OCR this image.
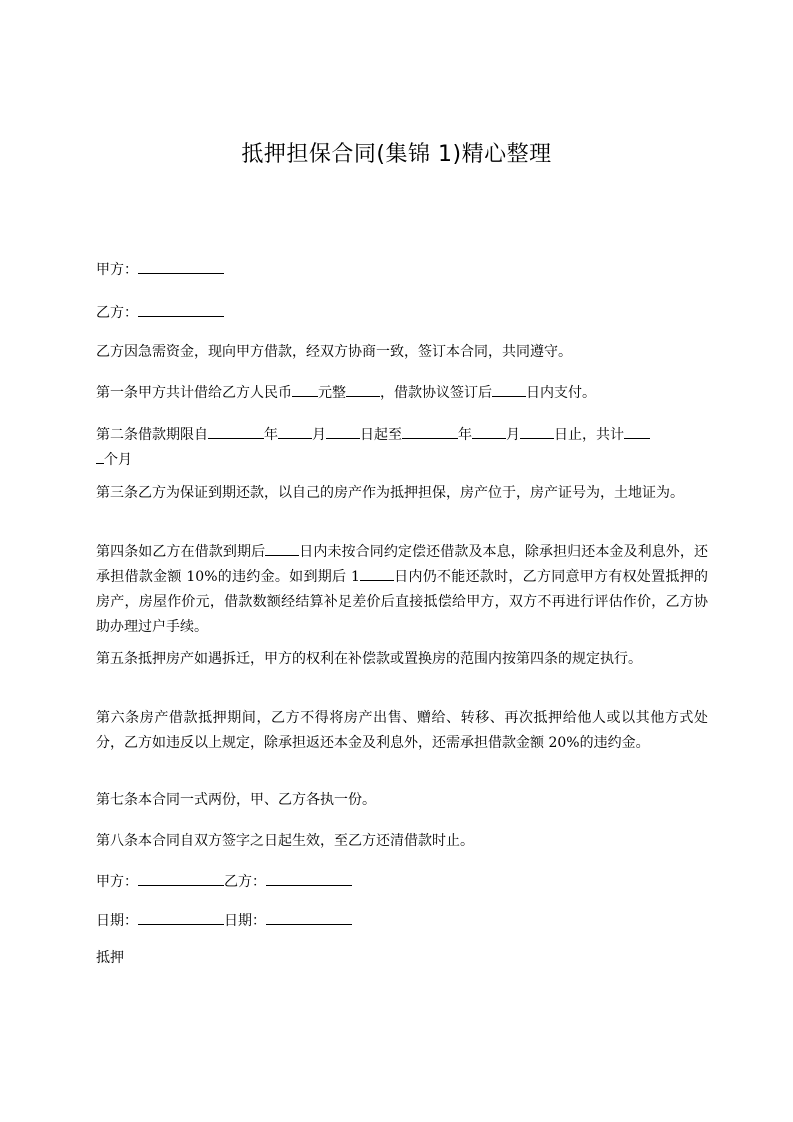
抵押担保合同(集锦 1)精心整理
甲方：
乙方：
乙方因急需资金，现向甲方借款，经双方协商一致，签订本合同，共同遵守。
第一条甲方共计借给乙方人民币 元整 ，借款协议签订后 日内支付。
第二条借款期限自	年 月 日起至	年 月 日止，共计
个月
第三条乙方为保证到期还款，以自己的房产作为抵押担保，房产位于，房产证号为，土地证为。
第四条如乙方在借款到期后 日内未按合同约定偿还借款及本息，除承担归还本金及利息外，还承担借款金额 10%的违约金。如到期后 1 日内仍不能还款时，乙方同意甲方有权处置抵押的房产，房屋作价元，借款数额经结算补足差价后直接抵偿给甲方，双方不再进行评估作价，乙方协助办理过户手续。
第五条抵押房产如遇拆迁，甲方的权利在补偿款或置换房的范围内按第四条的规定执行。
第六条房产借款抵押期间，乙方不得将房产出售、赠给、转移、再次抵押给他人或以其他方式处分，乙方如违反以上规定，除承担返还本金及利息外，还需承担借款金额 20%的违约金。
第七条本合同一式两份，甲、乙方各执一份。
第八条本合同自双方签字之日起生效，至乙方还清借款时止。
甲方：	乙方：
日期：	日期：
抵押
